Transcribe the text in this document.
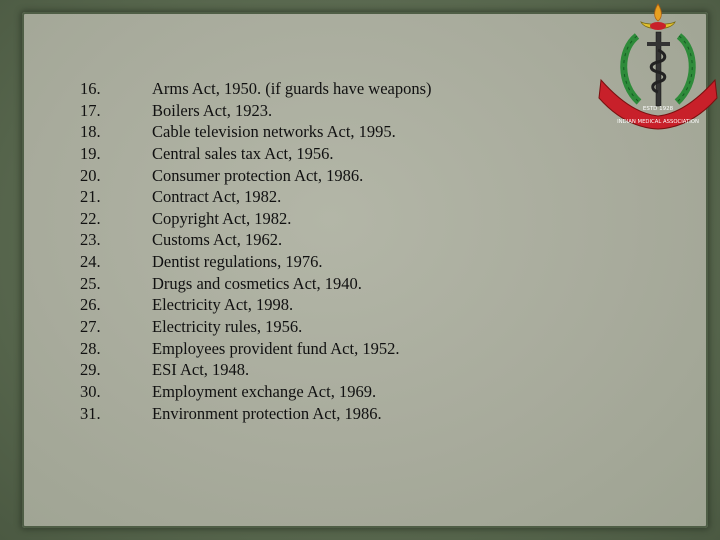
16.	Arms Act, 1950. (if guards have weapons)
17.	Boilers Act, 1923.
18.	Cable television networks Act, 1995.
19.	Central sales tax Act, 1956.
20.	Consumer protection Act, 1986.
21.	Contract Act, 1982.
22.	Copyright Act, 1982.
23.	Customs Act, 1962.
24.	Dentist regulations, 1976.
25.	Drugs and cosmetics Act, 1940.
26.	Electricity Act, 1998.
27.	Electricity rules, 1956.
28.	Employees provident fund Act, 1952.
29.	ESI Act, 1948.
30.	Employment exchange Act, 1969.
31.	Environment protection Act, 1986.
ESTD 1928
INDIAN MEDICAL ASSOCIATION
